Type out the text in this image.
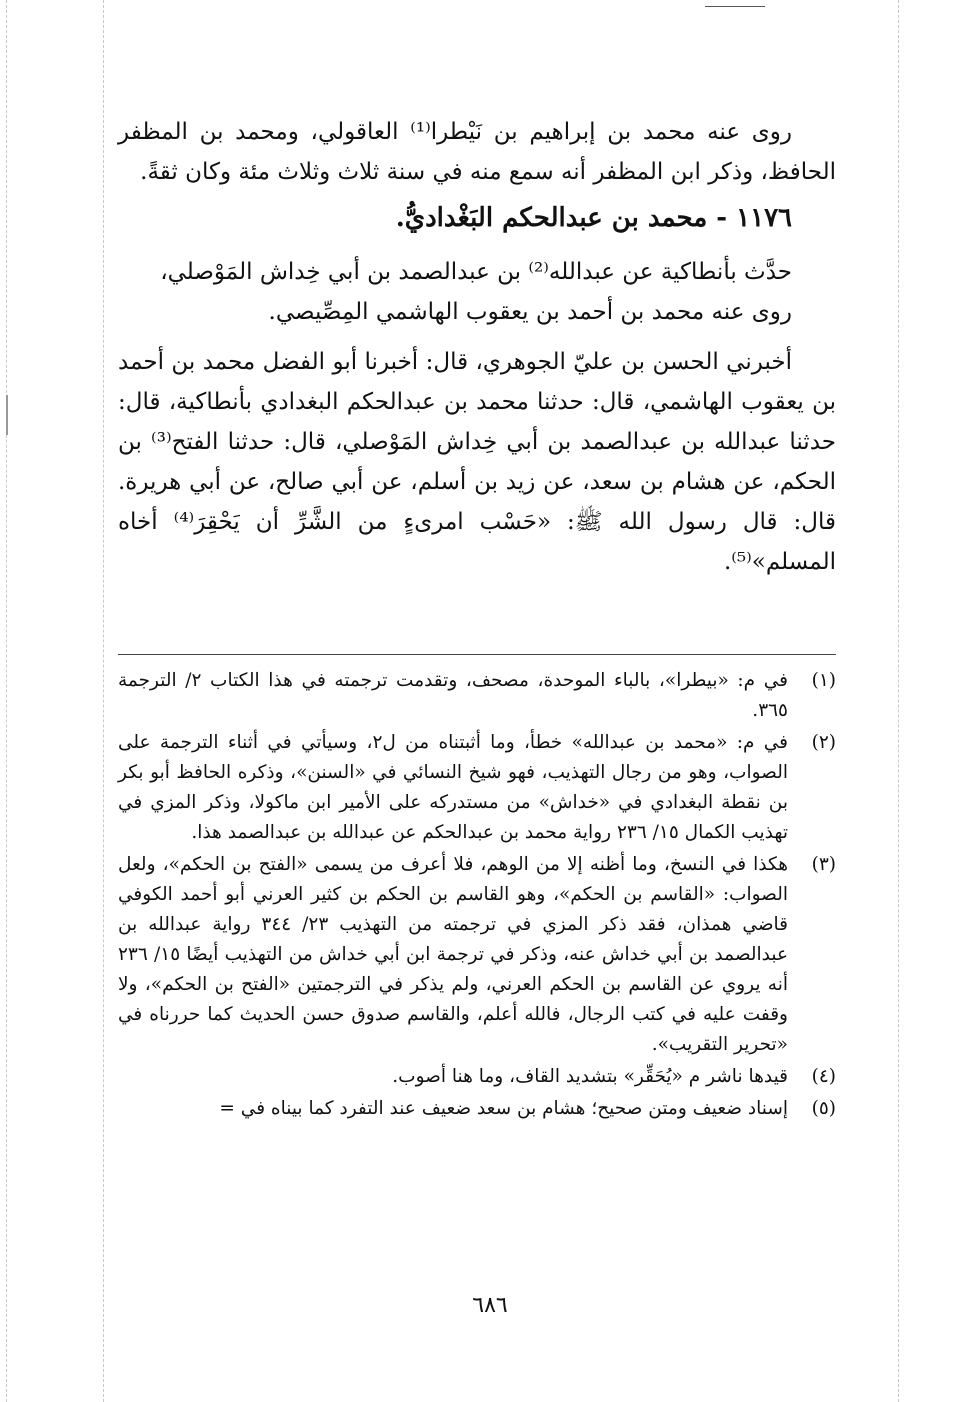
روى عنه محمد بن إبراهيم بن نَيْطرا⁽¹⁾ العاقولي، ومحمد بن المظفر الحافظ، وذكر ابن المظفر أنه سمع منه في سنة ثلاث وثلاث مئة وكان ثقةً.

١١٧٦ - محمد بن عبدالحكم البَغْداديُّ.

حدَّث بأنطاكية عن عبدالله⁽²⁾ بن عبدالصمد بن أبي خِداش المَوْصلي،

روى عنه محمد بن أحمد بن يعقوب الهاشمي المِصِّيصي.

أخبرني الحسن بن عليّ الجوهري، قال: أخبرنا أبو الفضل محمد بن أحمد بن يعقوب الهاشمي، قال: حدثنا محمد بن عبدالحكم البغدادي بأنطاكية، قال: حدثنا عبدالله بن عبدالصمد بن أبي خِداش المَوْصلي، قال: حدثنا الفتح⁽³⁾ بن الحكم، عن هشام بن سعد، عن زيد بن أسلم، عن أبي صالح، عن أبي هريرة. قال: قال رسول الله ﷺ: «حَسْب امرىءٍ من الشَّرِّ أن يَحْقِرَ⁽⁴⁾ أخاه المسلم»⁽⁵⁾.

(١)
في م: «بيطرا»، بالباء الموحدة، مصحف، وتقدمت ترجمته في هذا الكتاب ٢/ الترجمة ٣٦٥.
(٢)
في م: «محمد بن عبدالله» خطأ، وما أثبتناه من ل٢، وسيأتي في أثناء الترجمة على الصواب، وهو من رجال التهذيب، فهو شيخ النسائي في «السنن»، وذكره الحافظ أبو بكر بن نقطة البغدادي في «خداش» من مستدركه على الأمير ابن ماكولا، وذكر المزي في تهذيب الكمال ١٥/ ٢٣٦ رواية محمد بن عبدالحكم عن عبدالله بن عبدالصمد هذا.
(٣)
هكذا في النسخ، وما أظنه إلا من الوهم، فلا أعرف من يسمى «الفتح بن الحكم»، ولعل الصواب: «القاسم بن الحكم»، وهو القاسم بن الحكم بن كثير العرني أبو أحمد الكوفي قاضي همذان، فقد ذكر المزي في ترجمته من التهذيب ٢٣/ ٣٤٤ رواية عبدالله بن عبدالصمد بن أبي خداش عنه، وذكر في ترجمة ابن أبي خداش من التهذيب أيضًا ١٥/ ٢٣٦ أنه يروي عن القاسم بن الحكم العرني، ولم يذكر في الترجمتين «الفتح بن الحكم»، ولا وقفت عليه في كتب الرجال، فالله أعلم، والقاسم صدوق حسن الحديث كما حررناه في «تحرير التقريب».
(٤)
قيدها ناشر م «يُحَقِّر» بتشديد القاف، وما هنا أصوب.
(٥)
إسناد ضعيف ومتن صحيح؛ هشام بن سعد ضعيف عند التفرد كما بيناه في =
٦٨٦
